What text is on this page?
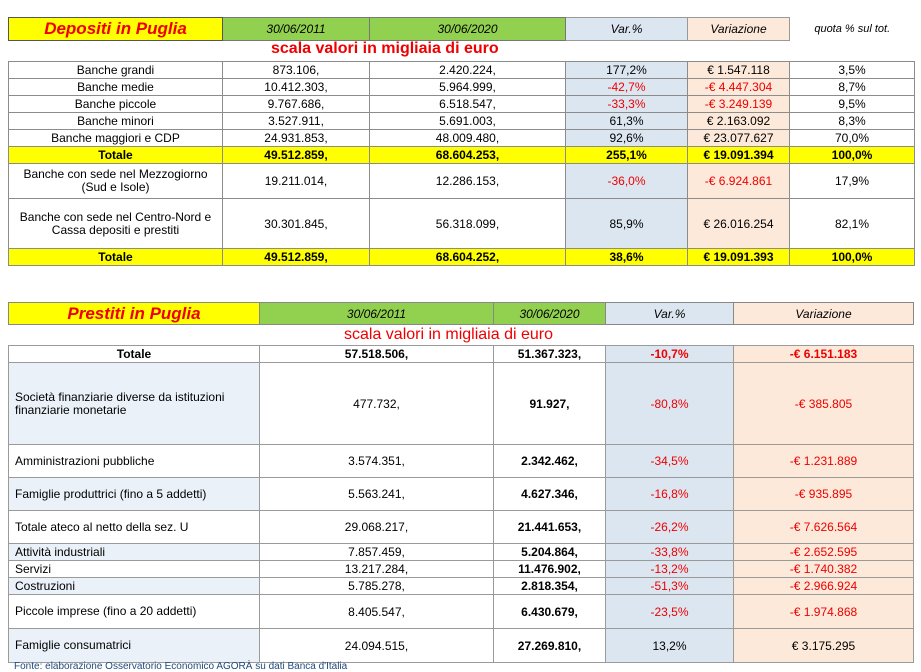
Depositi in Puglia	30/06/2011	30/06/2020	Var.%	Variazione	quota % sul tot.
scala valori in migliaia di euro
Banche grandi	873.106,	2.420.224,	177,2%	€ 1.547.118	3,5%
Banche medie	10.412.303,	5.964.999,	-42,7%	-€ 4.447.304	8,7%
Banche piccole	9.767.686,	6.518.547,	-33,3%	-€ 3.249.139	9,5%
Banche minori	3.527.911,	5.691.003,	61,3%	€ 2.163.092	8,3%
Banche maggiori e CDP	24.931.853,	48.009.480,	92,6%	€ 23.077.627	70,0%
Totale	49.512.859,	68.604.253,	255,1%	€ 19.091.394	100,0%
Banche con sede nel Mezzogiorno (Sud e Isole)	19.211.014,	12.286.153,	-36,0%	-€ 6.924.861	17,9%
Banche con sede nel Centro-Nord e Cassa depositi e prestiti	30.301.845,	56.318.099,	85,9%	€ 26.016.254	82,1%
Totale	49.512.859,	68.604.252,	38,6%	€ 19.091.393	100,0%
Prestiti in Puglia	30/06/2011	30/06/2020	Var.%	Variazione
scala valori in migliaia di euro
Totale	57.518.506,	51.367.323,	-10,7%	-€ 6.151.183
Società finanziarie diverse da istituzioni finanziarie monetarie	477.732,	91.927,	-80,8%	-€ 385.805
Amministrazioni pubbliche	3.574.351,	2.342.462,	-34,5%	-€ 1.231.889
Famiglie produttrici (fino a 5 addetti)	5.563.241,	4.627.346,	-16,8%	-€ 935.895
Totale ateco al netto della sez. U	29.068.217,	21.441.653,	-26,2%	-€ 7.626.564
Attività industriali	7.857.459,	5.204.864,	-33,8%	-€ 2.652.595
Servizi	13.217.284,	11.476.902,	-13,2%	-€ 1.740.382
Costruzioni	5.785.278,	2.818.354,	-51,3%	-€ 2.966.924
Piccole imprese (fino a 20 addetti)	8.405.547,	6.430.679,	-23,5%	-€ 1.974.868
Famiglie consumatrici	24.094.515,	27.269.810,	13,2%	€ 3.175.295
Fonte: elaborazione Osservatorio Economico AGORÀ su dati Banca d'Italia
